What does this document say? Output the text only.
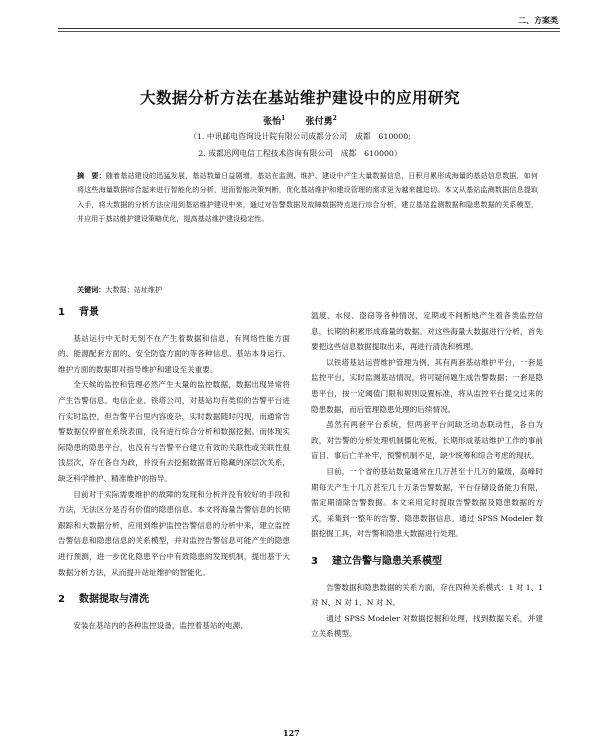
二、方案类
大数据分析方法在基站维护建设中的应用研究
张怡$^1$ 张付勇$^2$
（1. 中讯邮电咨询设计院有限公司成都分公司　成都　610000;
2. 成都迅网电信工程技术咨询有限公司　成都　610000）
摘　要：随着基站建设的迅猛发展，基站数量日益剧增，基站在监测、维护、建设中产生大量数据信息，日积月累形成海量的基站信息数据，如何将这些海量数据综合起来进行智能化的分析，进而智能决策判断，优化基站维护和建设管理的需求更为越来越迫切。本文从基站监测数据信息提取入手，将大数据的分析方法应用到基站维护建设中来，通过对告警数据及故障数据特点进行综合分析，建立基站监测数据和隐患数据的关系模型，并应用于基站维护建设策略优化，提高基站维护建设稳定性。
关键词：大数据；站址维护
1 背景

基站运行中无时无刻不在产生着数据和信息，有网络性能方面的、能源配套方面的、安全防盗方面的等各种信息。基站本身运行、维护方面的数据即对指导维护和建设至关重要。

全天候的监控和管理必然产生大量的监控数据，数据出现异常将产生告警信息。电信企业、铁塔公司，对基站均有类似的告警平台进行实时监控，但告警平台里内容庞杂，实时数据随时闪现，而通常告警数据仅停留在系统表面，没有进行综合分析和数据挖掘。而体现实际隐患的隐患平台，也没有与告警平台建立有效的关联性或关联性很浅层次，存在各自为政，并没有去挖掘数据背后隐藏的深层次关系，缺乏科学维护、精准维护的指导。

目前对于实际需要维护的故障的发现和分析并没有较好的手段和方法，无法区分是否有价值的隐患信息。本文将海量告警信息的长期跟踪和大数据分析，应用到维护监控告警信息的分析中来，建立监控告警信息和隐患信息的关系模型，并对监控告警信息可能产生的隐患进行预测，进一步优化隐患平台中有效隐患的发现机制，提出基于大数据分析方法，从而提升站址维护的智能化。

2 数据提取与清洗

安装在基站内的各种监控设备，监控着基站的电源、

温度、水侵、盗窃等各种情况，定期或不间断地产生着各类监控信息，长期的积累形成海量的数据。对这些海量大数据进行分析，首先要把这些信息数据提取出来，再进行清洗和梳理。

以铁塔基站运营维护管理为例，其有两套基站维护平台，一套是监控平台，实时监测基站情况，将可疑问题生成告警数据；一套是隐患平台，按一定阈值门限和规则设置标准，将从监控平台提交过来的隐患数据，而后管理隐患处理的后续情况。

虽然有两套平台系统，但两套平台间缺乏动态联动性，各自为政，对告警的分析处理机制僵化死板，长期形成基站维护工作的事前盲目、事后亡羊补牢，预警机制不足，缺少统筹和综合考虑的现状。

目前，一个省的基站数量通常在几万甚至十几万的量级，高峰时期每天产生十几万甚至几十万条告警数据，平台存储设备能力有限，需定期清除告警数据。本文采用定时提取告警数据及隐患数据的方式，采集到一整年的告警、隐患数据信息。通过 SPSS Modeler 数据挖掘工具，对告警和隐患大数据进行处理。

3 建立告警与隐患关系模型

告警数据和隐患数据的关系方面，存在四种关系模式：1 对 1、1 对 N、N 对 1、N 对 N。

通过 SPSS Modeler 对数据挖掘和处理，找到数据关系，并建立关系模型。

127
